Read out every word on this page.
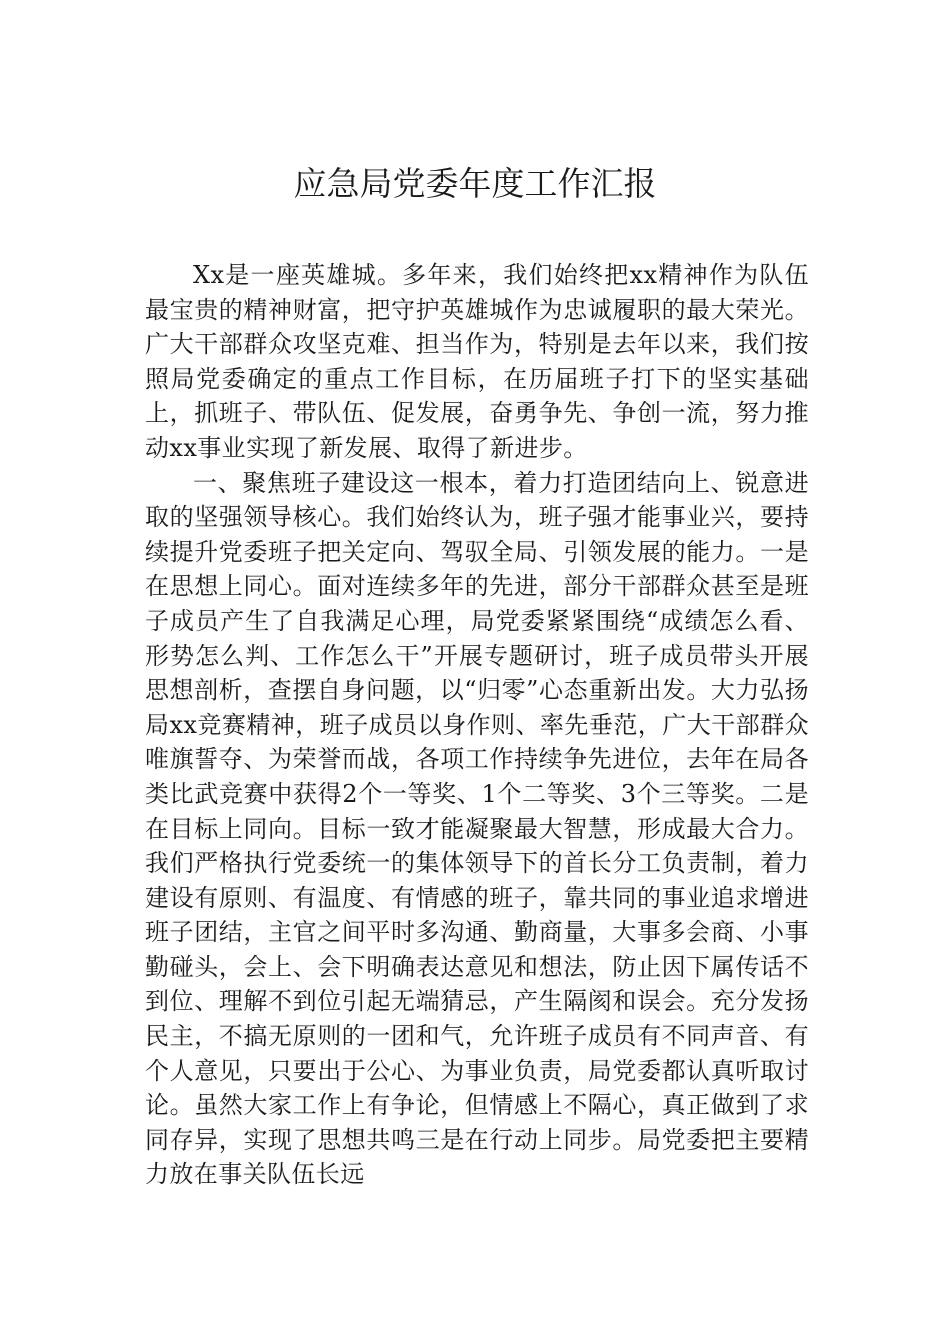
应急局党委年度工作汇报

Xx是一座英雄城。多年来，我们始终把xx精神作为队伍最宝贵的精神财富，把守护英雄城作为忠诚履职的最大荣光。广大干部群众攻坚克难、担当作为，特别是去年以来，我们按照局党委确定的重点工作目标，在历届班子打下的坚实基础上，抓班子、带队伍、促发展，奋勇争先、争创一流，努力推动xx事业实现了新发展、取得了新进步。

一、聚焦班子建设这一根本，着力打造团结向上、锐意进取的坚强领导核心。我们始终认为，班子强才能事业兴，要持续提升党委班子把关定向、驾驭全局、引领发展的能力。一是在思想上同心。面对连续多年的先进，部分干部群众甚至是班子成员产生了自我满足心理，局党委紧紧围绕“成绩怎么看、形势怎么判、工作怎么干”开展专题研讨，班子成员带头开展思想剖析，查摆自身问题，以“归零”心态重新出发。大力弘扬局xx竞赛精神，班子成员以身作则、率先垂范，广大干部群众唯旗誓夺、为荣誉而战，各项工作持续争先进位，去年在局各类比武竞赛中获得2个一等奖、1个二等奖、3个三等奖。二是在目标上同向。目标一致才能凝聚最大智慧，形成最大合力。我们严格执行党委统一的集体领导下的首长分工负责制，着力建设有原则、有温度、有情感的班子，靠共同的事业追求增进班子团结，主官之间平时多沟通、勤商量，大事多会商、小事勤碰头，会上、会下明确表达意见和想法，防止因下属传话不到位、理解不到位引起无端猜忌，产生隔阂和误会。充分发扬民主，不搞无原则的一团和气，允许班子成员有不同声音、有个人意见，只要出于公心、为事业负责，局党委都认真听取讨论。虽然大家工作上有争论，但情感上不隔心，真正做到了求同存异，实现了思想共鸣三是在行动上同步。局党委把主要精力放在事关队伍长远
